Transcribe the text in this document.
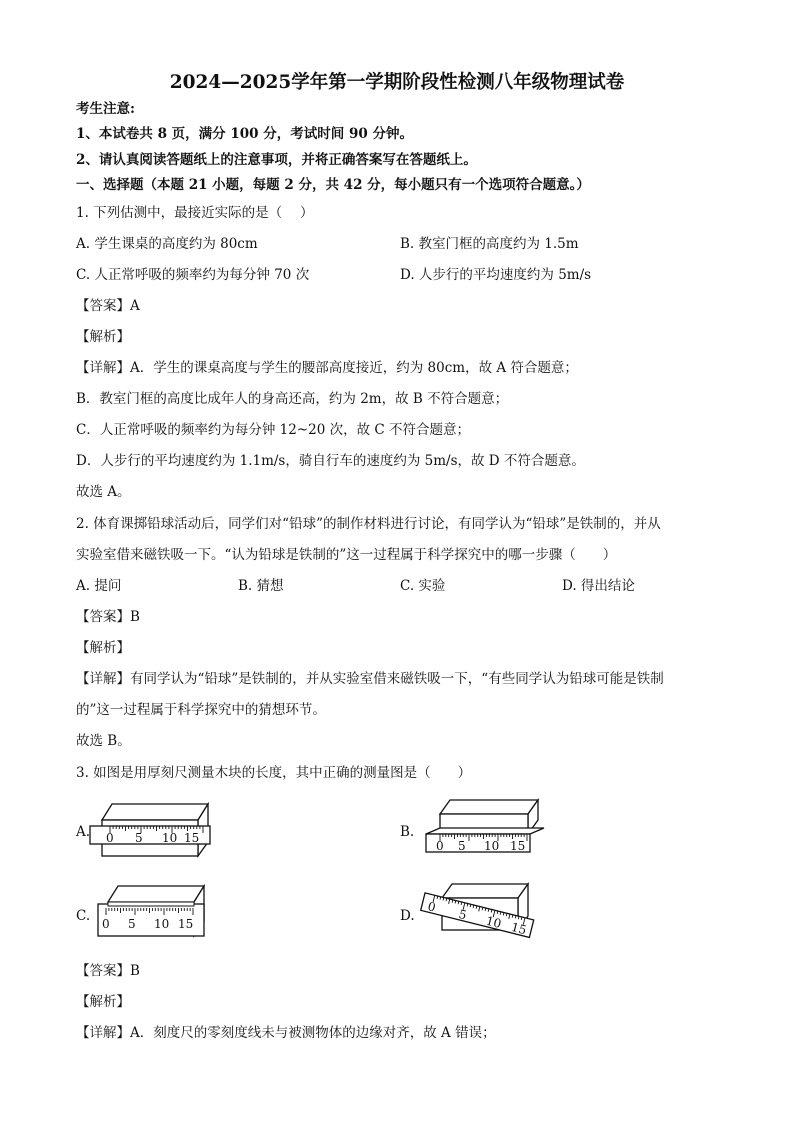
2024—2025学年第一学期阶段性检测八年级物理试卷
考生注意:
1、本试卷共 8 页，满分 100 分，考试时间 90 分钟。
2、请认真阅读答题纸上的注意事项，并将正确答案写在答题纸上。
一、选择题（本题 21 小题，每题 2 分，共 42 分，每小题只有一个选项符合题意。）
1. 下列估测中，最接近实际的是（　 ）
A. 学生课桌的高度约为 80cm	B. 教室门框的高度约为 1.5m
C. 人正常呼吸的频率约为每分钟 70 次	D. 人步行的平均速度约为 5m/s
【答案】A
【解析】
【详解】A．学生的课桌高度与学生的腰部高度接近，约为 80cm，故 A 符合题意；
B．教室门框的高度比成年人的身高还高，约为 2m，故 B 不符合题意；
C．人正常呼吸的频率约为每分钟 12~20 次，故 C 不符合题意；
D．人步行的平均速度约为 1.1m/s，骑自行车的速度约为 5m/s，故 D 不符合题意。
故选 A。
2. 体育课掷铅球活动后，同学们对“铅球”的制作材料进行讨论，有同学认为“铅球”是铁制的，并从
实验室借来磁铁吸一下。“认为铅球是铁制的”这一过程属于科学探究中的哪一步骤（　　）
A. 提问	B. 猜想	C. 实验	D. 得出结论
【答案】B
【解析】
【详解】有同学认为“铅球”是铁制的，并从实验室借来磁铁吸一下，“有些同学认为铅球可能是铁制
的”这一过程属于科学探究中的猜想环节。
故选 B。
3. 如图是用厚刻尺测量木块的长度，其中正确的测量图是（　　）
A.	B.
C.	D.
0 5 10 15
0 5 10 15
0 5 10 15
0
5 10 15
【答案】B
【解析】
【详解】A．刻度尺的零刻度线未与被测物体的边缘对齐，故 A 错误；
